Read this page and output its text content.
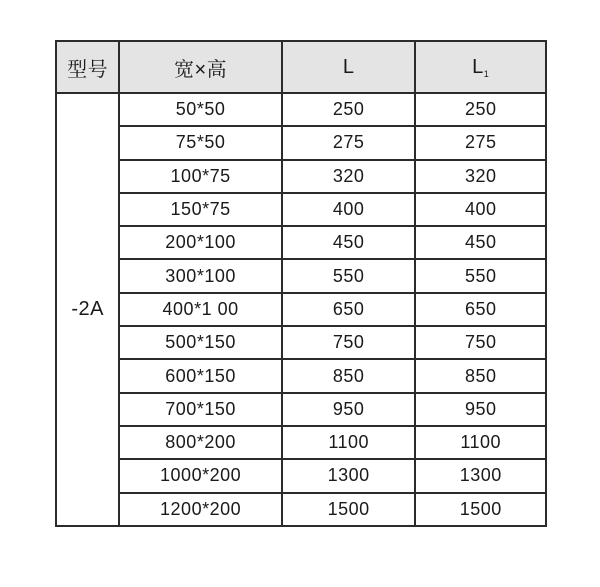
型号	宽×高	L	$L_1$
-2A	50*50	250	250
	75*50	275	275
	100*75	320	320
	150*75	400	400
	200*100	450	450
	300*100	550	550
	400*1 00	650	650
	500*150	750	750
	600*150	850	850
	700*150	950	950
	800*200	1100	1100
	1000*200	1300	1300
	1200*200	1500	1500
